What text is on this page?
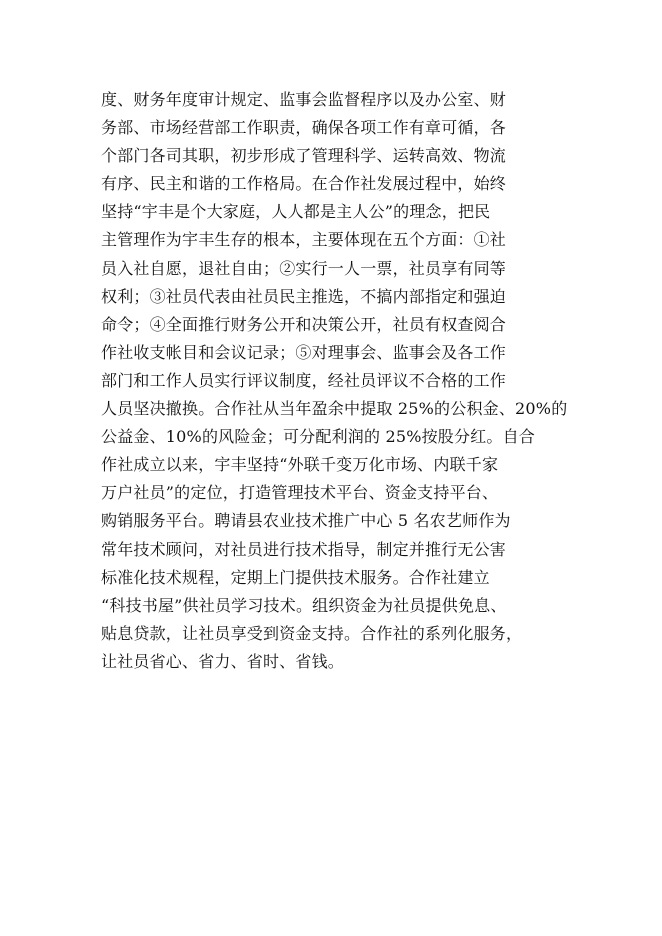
度、财务年度审计规定、监事会监督程序以及办公室、财
务部、市场经营部工作职责，确保各项工作有章可循，各
个部门各司其职，初步形成了管理科学、运转高效、物流
有序、民主和谐的工作格局。在合作社发展过程中，始终
坚持“宇丰是个大家庭，人人都是主人公”的理念，把民
主管理作为宇丰生存的根本，主要体现在五个方面：①社
员入社自愿，退社自由；②实行一人一票，社员享有同等
权利；③社员代表由社员民主推选，不搞内部指定和强迫
命令；④全面推行财务公开和决策公开，社员有权查阅合
作社收支帐目和会议记录；⑤对理事会、监事会及各工作
部门和工作人员实行评议制度，经社员评议不合格的工作
人员坚决撤换。合作社从当年盈余中提取 25%的公积金、20%的
公益金、10%的风险金；可分配利润的 25%按股分红。自合
作社成立以来，宇丰坚持“外联千变万化市场、内联千家
万户社员”的定位，打造管理技术平台、资金支持平台、
购销服务平台。聘请县农业技术推广中心 5 名农艺师作为
常年技术顾问，对社员进行技术指导，制定并推行无公害
标准化技术规程，定期上门提供技术服务。合作社建立
“科技书屋”供社员学习技术。组织资金为社员提供免息、
贴息贷款，让社员享受到资金支持。合作社的系列化服务，
让社员省心、省力、省时、省钱。
